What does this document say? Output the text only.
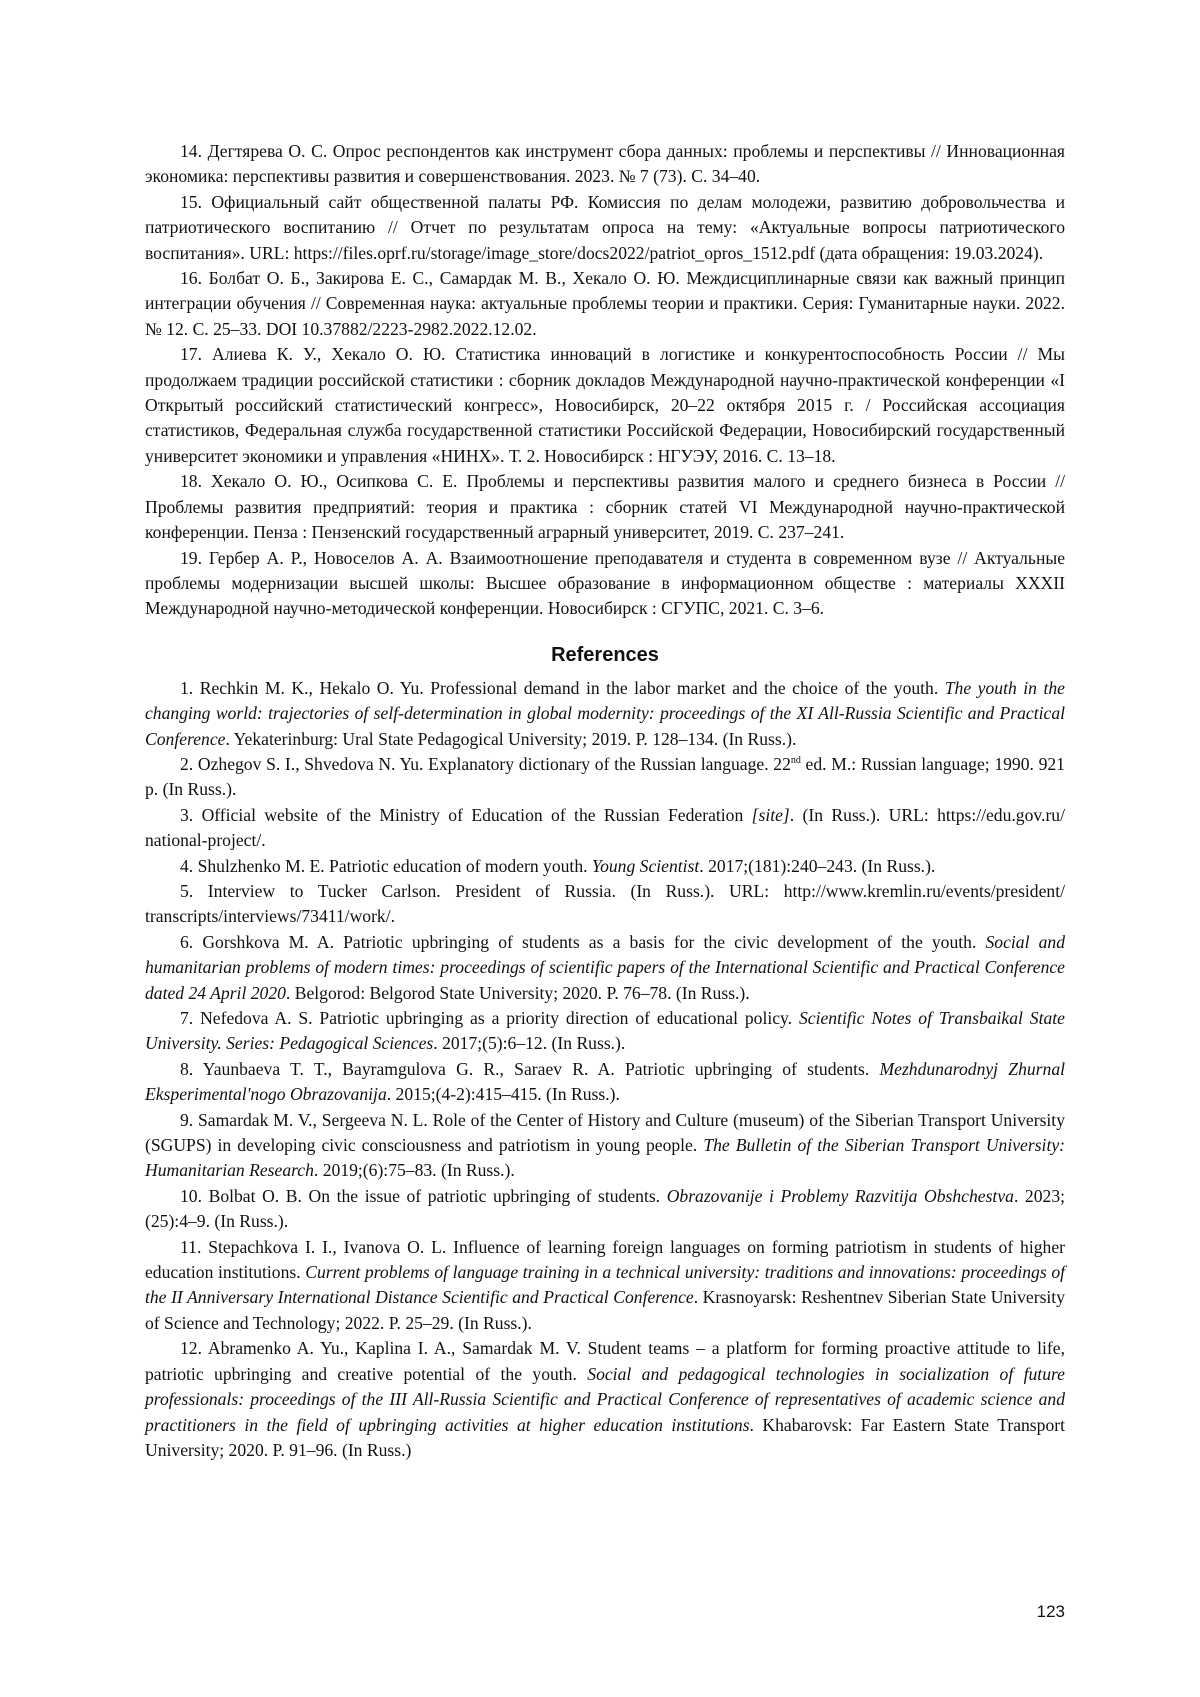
14. Дегтярева О. С. Опрос респондентов как инструмент сбора данных: проблемы и перспективы // Инновационная экономика: перспективы развития и совершенствования. 2023. № 7 (73). С. 34–40.

15. Официальный сайт общественной палаты РФ. Комиссия по делам молодежи, развитию добровольчества и патриотического воспитанию // Отчет по результатам опроса на тему: «Актуальные вопросы патриотического воспитания». URL: https://files.oprf.ru/storage/image_store/docs2022/patriot_opros_1512.pdf (дата обращения: 19.03.2024).

16. Болбат О. Б., Закирова Е. С., Самардак М. В., Хекало О. Ю. Междисциплинарные связи как важный принцип интеграции обучения // Современная наука: актуальные проблемы теории и практики. Серия: Гуманитарные науки. 2022. № 12. С. 25–33. DOI 10.37882/2223-2982.2022.12.02.

17. Алиева К. У., Хекало О. Ю. Статистика инноваций в логистике и конкурентоспособность России // Мы продолжаем традиции российской статистики : сборник докладов Международной научно-практической конференции «I Открытый российский статистический конгресс», Новосибирск, 20–22 октября 2015 г. / Российская ассоциация статистиков, Федеральная служба государственной статистики Российской Федерации, Новосибирский государственный университет экономики и управления «НИНХ». Т. 2. Новосибирск : НГУЭУ, 2016. С. 13–18.

18. Хекало О. Ю., Осипкова С. Е. Проблемы и перспективы развития малого и среднего бизнеса в России // Проблемы развития предприятий: теория и практика : сборник статей VI Международной научно-практической конференции. Пенза : Пензенский государственный аграрный университет, 2019. С. 237–241.

19. Гербер А. Р., Новоселов А. А. Взаимоотношение преподавателя и студента в современном вузе // Актуальные проблемы модернизации высшей школы: Высшее образование в информационном обществе : материалы XXXII Международной научно-методической конференции. Новосибирск : СГУПС, 2021. С. 3–6.

References

1. Rechkin M. K., Hekalo O. Yu. Professional demand in the labor market and the choice of the youth. The youth in the changing world: trajectories of self-determination in global modernity: proceedings of the XI All-Russia Scientific and Practical Conference. Yekaterinburg: Ural State Pedagogical University; 2019. P. 128–134. (In Russ.).

2. Ozhegov S. I., Shvedova N. Yu. Explanatory dictionary of the Russian language. 22nd ed. M.: Russian language; 1990. 921 p. (In Russ.).

3. Official website of the Ministry of Education of the Russian Federation [site]. (In Russ.). URL: https://edu.gov.ru/ national-project/.

4. Shulzhenko M. E. Patriotic education of modern youth. Young Scientist. 2017;(181):240–243. (In Russ.).

5. Interview to Tucker Carlson. President of Russia. (In Russ.). URL: http://www.kremlin.ru/events/president/ transcripts/interviews/73411/work/.

6. Gorshkova M. A. Patriotic upbringing of students as a basis for the civic development of the youth. Social and humanitarian problems of modern times: proceedings of scientific papers of the International Scientific and Practical Conference dated 24 April 2020. Belgorod: Belgorod State University; 2020. P. 76–78. (In Russ.).

7. Nefedova A. S. Patriotic upbringing as a priority direction of educational policy. Scientific Notes of Transbaikal State University. Series: Pedagogical Sciences. 2017;(5):6–12. (In Russ.).

8. Yaunbaeva T. T., Bayramgulova G. R., Saraev R. A. Patriotic upbringing of students. Mezhdunarodnyj Zhurnal Eksperimental'nogo Obrazovanija. 2015;(4-2):415–415. (In Russ.).

9. Samardak M. V., Sergeeva N. L. Role of the Center of History and Culture (museum) of the Siberian Transport University (SGUPS) in developing civic consciousness and patriotism in young people. The Bulletin of the Siberian Transport University: Humanitarian Research. 2019;(6):75–83. (In Russ.).

10. Bolbat O. B. On the issue of patriotic upbringing of students. Obrazovanije i Problemy Razvitija Obshchestva. 2023;(25):4–9. (In Russ.).

11. Stepachkova I. I., Ivanova O. L. Influence of learning foreign languages on forming patriotism in students of higher education institutions. Current problems of language training in a technical university: traditions and innovations: proceedings of the II Anniversary International Distance Scientific and Practical Conference. Krasnoyarsk: Reshentnev Siberian State University of Science and Technology; 2022. P. 25–29. (In Russ.).

12. Abramenko A. Yu., Kaplina I. A., Samardak M. V. Student teams – a platform for forming proactive attitude to life, patriotic upbringing and creative potential of the youth. Social and pedagogical technologies in socialization of future professionals: proceedings of the III All-Russia Scientific and Practical Conference of representatives of academic science and practitioners in the field of upbringing activities at higher education institutions. Khabarovsk: Far Eastern State Transport University; 2020. P. 91–96. (In Russ.)

123
